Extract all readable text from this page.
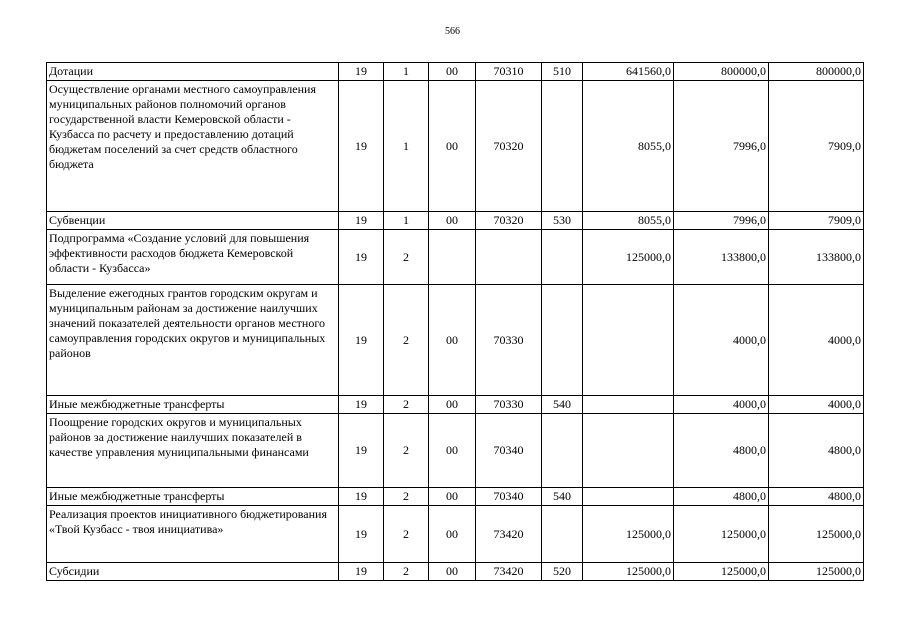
566
Дотации	19	1	00	70310	510	641560,0	800000,0	800000,0
Осуществление органами местного самоуправления муниципальных районов полномочий органов государственной власти Кемеровской области - Кузбасса по расчету и предоставлению дотаций бюджетам поселений за счет средств областного бюджета	19	1	00	70320		8055,0	7996,0	7909,0
Субвенции	19	1	00	70320	530	8055,0	7996,0	7909,0
Подпрограмма «Создание условий для повышения эффективности расходов бюджета Кемеровской области - Кузбасса»	19	2				125000,0	133800,0	133800,0
Выделение ежегодных грантов городским округам и муниципальным районам за достижение наилучших значений показателей деятельности органов местного самоуправления городских округов и муниципальных районов	19	2	00	70330			4000,0	4000,0
Иные межбюджетные трансферты	19	2	00	70330	540		4000,0	4000,0
Поощрение городских округов и муниципальных районов за достижение наилучших показателей в качестве управления муниципальными финансами	19	2	00	70340			4800,0	4800,0
Иные межбюджетные трансферты	19	2	00	70340	540		4800,0	4800,0
Реализация проектов инициативного бюджетирования «Твой Кузбасс - твоя инициатива»	19	2	00	73420		125000,0	125000,0	125000,0
Субсидии	19	2	00	73420	520	125000,0	125000,0	125000,0
